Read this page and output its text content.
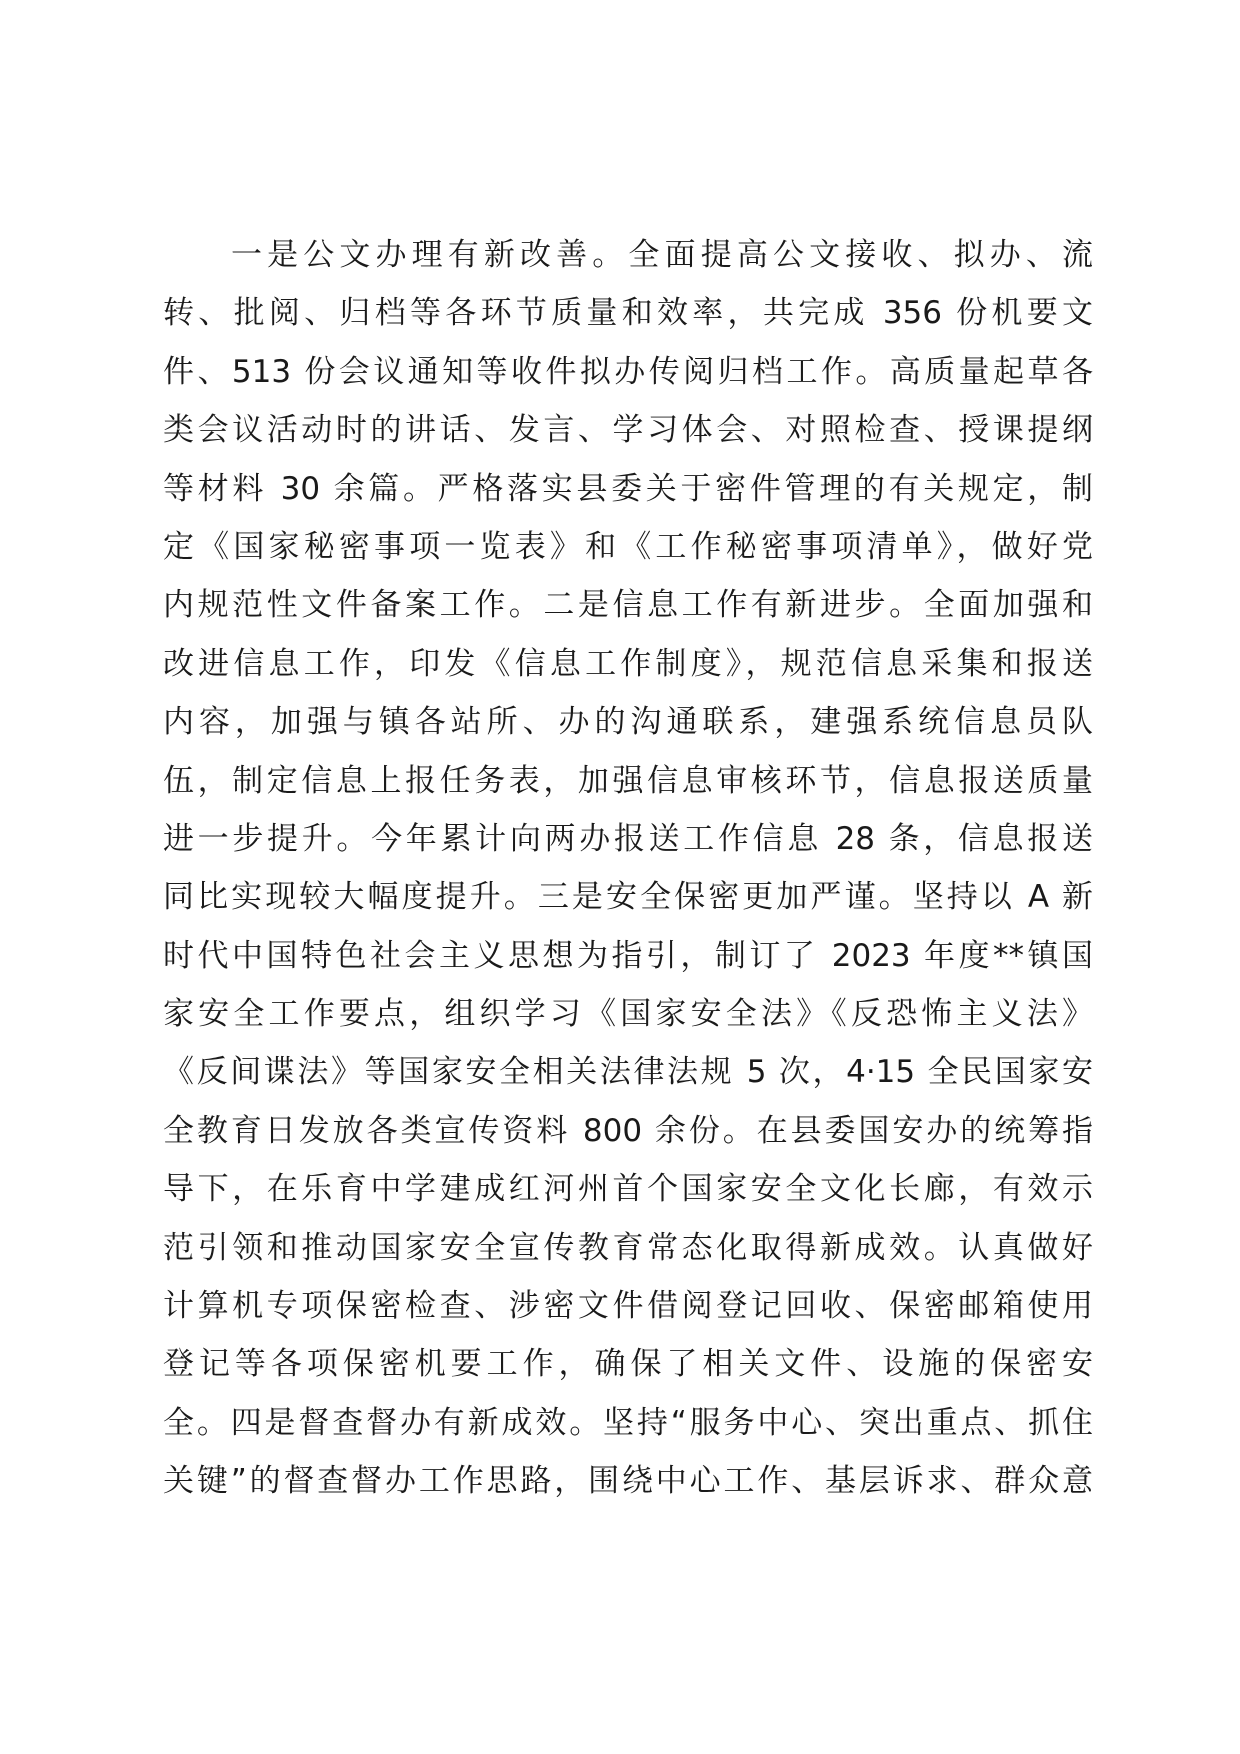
一是公文办理有新改善。全面提高公文接收、拟办、流
转、批阅、归档等各环节质量和效率，共完成 356 份机要文
件、513 份会议通知等收件拟办传阅归档工作。高质量起草各
类会议活动时的讲话、发言、学习体会、对照检查、授课提纲
等材料 30 余篇。严格落实县委关于密件管理的有关规定，制
定《国家秘密事项一览表》和《工作秘密事项清单》，做好党
内规范性文件备案工作。二是信息工作有新进步。全面加强和
改进信息工作，印发《信息工作制度》，规范信息采集和报送
内容，加强与镇各站所、办的沟通联系，建强系统信息员队
伍，制定信息上报任务表，加强信息审核环节，信息报送质量
进一步提升。今年累计向两办报送工作信息 28 条，信息报送
同比实现较大幅度提升。三是安全保密更加严谨。坚持以 A 新
时代中国特色社会主义思想为指引，制订了 2023 年度**镇国
家安全工作要点，组织学习《国家安全法》《反恐怖主义法》
《反间谍法》等国家安全相关法律法规 5 次，4·15 全民国家安
全教育日发放各类宣传资料 800 余份。在县委国安办的统筹指
导下，在乐育中学建成红河州首个国家安全文化长廊，有效示
范引领和推动国家安全宣传教育常态化取得新成效。认真做好
计算机专项保密检查、涉密文件借阅登记回收、保密邮箱使用
登记等各项保密机要工作，确保了相关文件、设施的保密安
全。四是督查督办有新成效。坚持“服务中心、突出重点、抓住
关键”的督查督办工作思路，围绕中心工作、基层诉求、群众意
